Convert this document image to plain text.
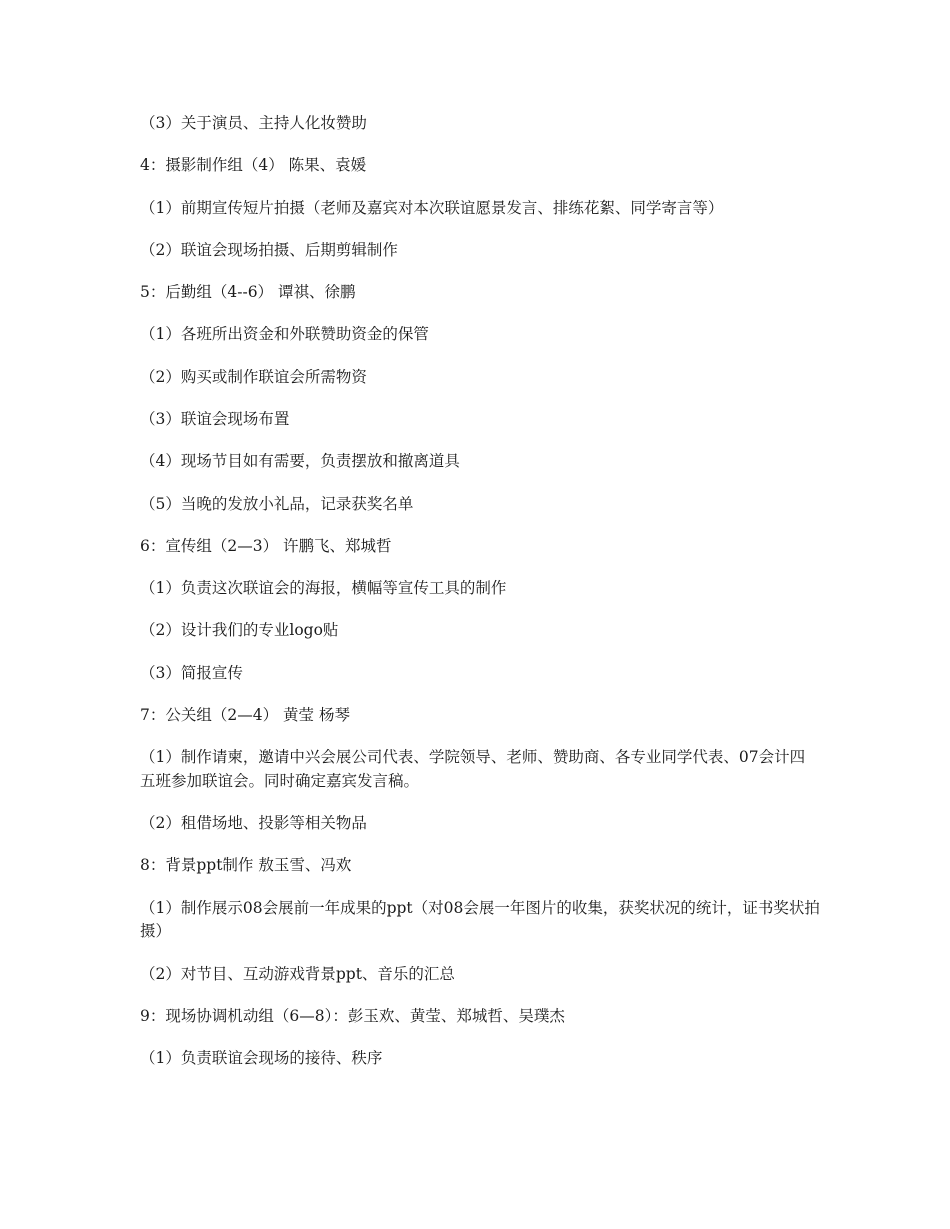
（3）关于演员、主持人化妆赞助

4：摄影制作组（4） 陈果、袁媛

（1）前期宣传短片拍摄（老师及嘉宾对本次联谊愿景发言、排练花絮、同学寄言等）

（2）联谊会现场拍摄、后期剪辑制作

5：后勤组（4--6） 谭祺、徐鹏

（1）各班所出资金和外联赞助资金的保管

（2）购买或制作联谊会所需物资

（3）联谊会现场布置

（4）现场节目如有需要，负责摆放和撤离道具

（5）当晚的发放小礼品，记录获奖名单

6：宣传组（2—3） 许鹏飞、郑城哲

（1）负责这次联谊会的海报，横幅等宣传工具的制作

（2）设计我们的专业logo贴

（3）简报宣传

7：公关组（2—4） 黄莹 杨琴

（1）制作请柬，邀请中兴会展公司代表、学院领导、老师、赞助商、各专业同学代表、07会计四五班参加联谊会。同时确定嘉宾发言稿。

（2）租借场地、投影等相关物品

8：背景ppt制作 敖玉雪、冯欢

（1）制作展示08会展前一年成果的ppt（对08会展一年图片的收集，获奖状况的统计，证书奖状拍摄）

（2）对节目、互动游戏背景ppt、音乐的汇总

9：现场协调机动组（6—8）：彭玉欢、黄莹、郑城哲、吴璞杰

（1）负责联谊会现场的接待、秩序
